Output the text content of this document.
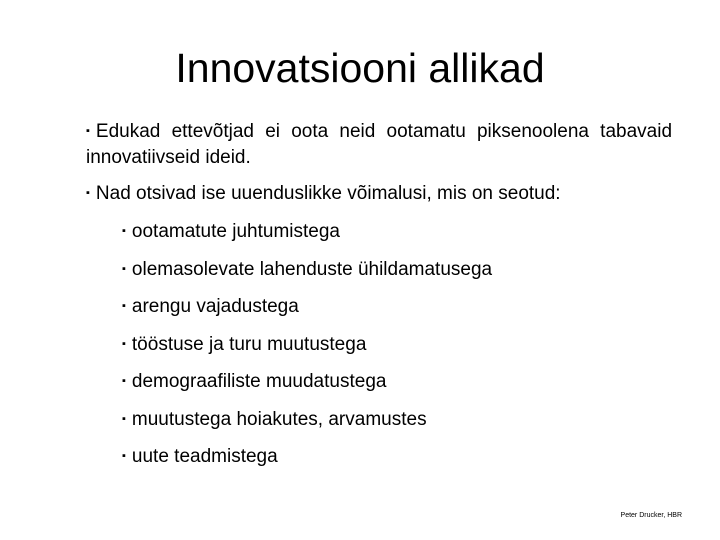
Innovatsiooni allikad
▪ Edukad ettevõtjad ei oota neid ootamatu piksenoolena tabavaid innovatiivseid ideid.
▪ Nad otsivad ise uuenduslikke võimalusi, mis on seotud:
▪ ootamatute juhtumistega
▪ olemasolevate lahenduste ühildamatusega
▪ arengu vajadustega
▪ tööstuse ja turu muutustega
▪ demograafiliste muudatustega
▪ muutustega hoiakutes, arvamustes
▪ uute teadmistega
Peter Drucker, HBR
